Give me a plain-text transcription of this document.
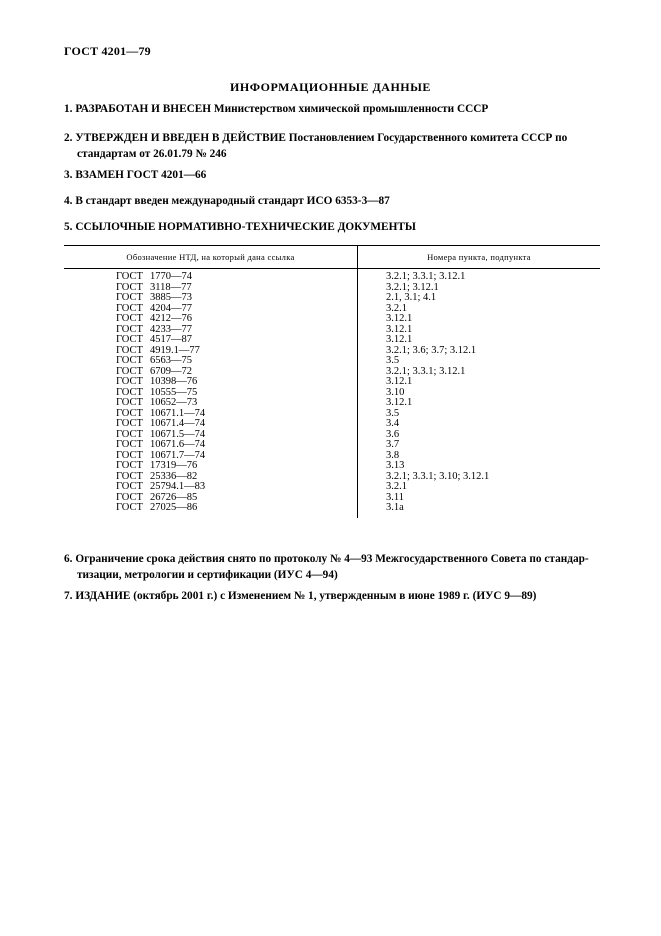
ГОСТ 4201—79
ИНФОРМАЦИОННЫЕ ДАННЫЕ
1. РАЗРАБОТАН И ВНЕСЕН Министерством химической промышленности СССР
2. УТВЕРЖДЕН И ВВЕДЕН В ДЕЙСТВИЕ Постановлением Государственного комитета СССР по
стандартам от 26.01.79 № 246
3. ВЗАМЕН ГОСТ 4201—66
4. В стандарт введен международный стандарт ИСО 6353-3—87
5. ССЫЛОЧНЫЕ НОРМАТИВНО-ТЕХНИЧЕСКИЕ ДОКУМЕНТЫ
Обозначение НТД, на который дана ссылка	Номера пункта, подпункта
ГОСТ 1770—74	3.2.1; 3.3.1; 3.12.1
ГОСТ 3118—77	3.2.1; 3.12.1
ГОСТ 3885—73	2.1, 3.1; 4.1
ГОСТ 4204—77	3.2.1
ГОСТ 4212—76	3.12.1
ГОСТ 4233—77	3.12.1
ГОСТ 4517—87	3.12.1
ГОСТ 4919.1—77	3.2.1; 3.6; 3.7; 3.12.1
ГОСТ 6563—75	3.5
ГОСТ 6709—72	3.2.1; 3.3.1; 3.12.1
ГОСТ 10398—76	3.12.1
ГОСТ 10555—75	3.10
ГОСТ 10652—73	3.12.1
ГОСТ 10671.1—74	3.5
ГОСТ 10671.4—74	3.4
ГОСТ 10671.5—74	3.6
ГОСТ 10671.6—74	3.7
ГОСТ 10671.7—74	3.8
ГОСТ 17319—76	3.13
ГОСТ 25336—82	3.2.1; 3.3.1; 3.10; 3.12.1
ГОСТ 25794.1—83	3.2.1
ГОСТ 26726—85	3.11
ГОСТ 27025—86	3.1a
6. Ограничение срока действия снято по протоколу № 4—93 Межгосударственного Совета по стандар-
тизации, метрологии и сертификации (ИУС 4—94)
7. ИЗДАНИЕ (октябрь 2001 г.) с Изменением № 1, утвержденным в июне 1989 г. (ИУС 9—89)
